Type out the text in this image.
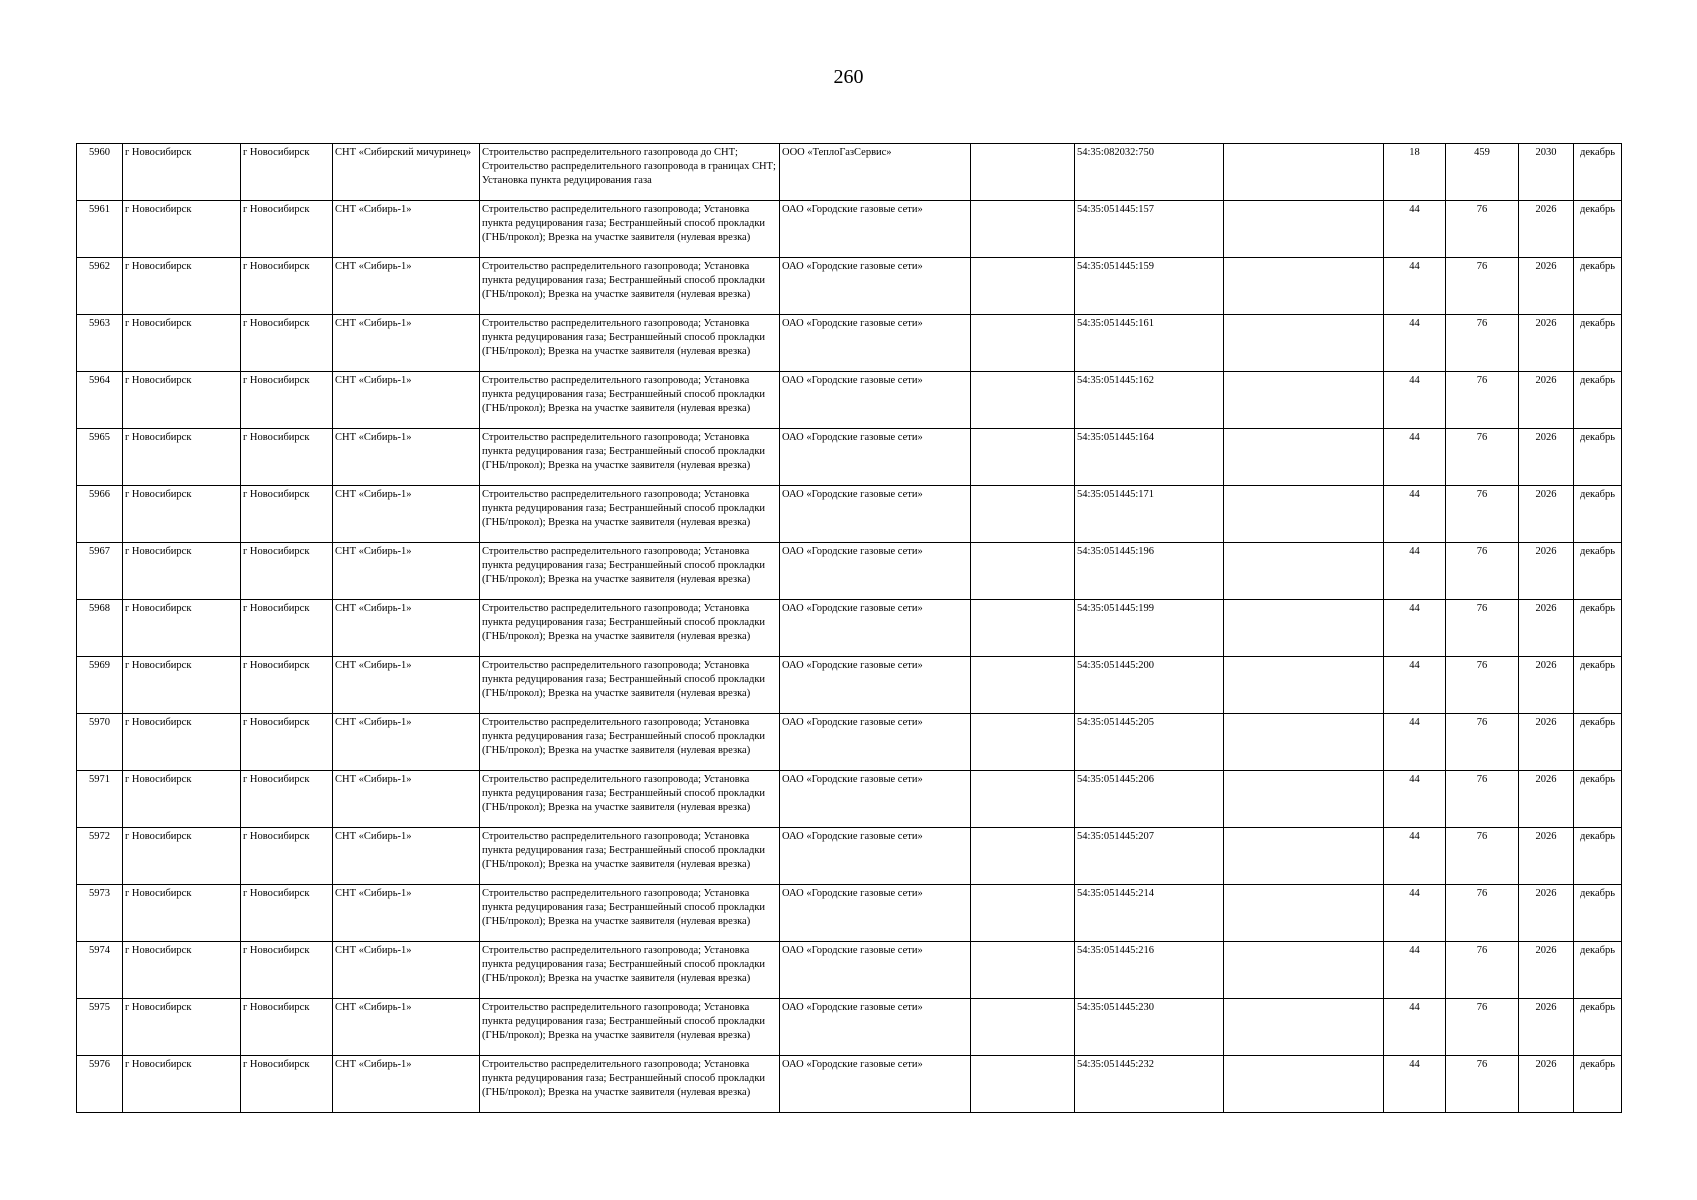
260
5960	г Новосибирск	г Новосибирск	СНТ «Сибирский мичуринец»	Строительство распределительного газопровода до СНТ; Строительство распределительного газопровода в границах СНТ; Установка пункта редуцирования газа	ООО «ТеплоГазСервис»		54:35:082032:750		18	459	2030	декабрь
5961	г Новосибирск	г Новосибирск	СНТ «Сибирь-1»	Строительство распределительного газопровода; Установка пункта редуцирования газа; Бестраншейный способ прокладки (ГНБ/прокол); Врезка на участке заявителя (нулевая врезка)	ОАО «Городские газовые сети»		54:35:051445:157		44	76	2026	декабрь
5962	г Новосибирск	г Новосибирск	СНТ «Сибирь-1»	Строительство распределительного газопровода; Установка пункта редуцирования газа; Бестраншейный способ прокладки (ГНБ/прокол); Врезка на участке заявителя (нулевая врезка)	ОАО «Городские газовые сети»		54:35:051445:159		44	76	2026	декабрь
5963	г Новосибирск	г Новосибирск	СНТ «Сибирь-1»	Строительство распределительного газопровода; Установка пункта редуцирования газа; Бестраншейный способ прокладки (ГНБ/прокол); Врезка на участке заявителя (нулевая врезка)	ОАО «Городские газовые сети»		54:35:051445:161		44	76	2026	декабрь
5964	г Новосибирск	г Новосибирск	СНТ «Сибирь-1»	Строительство распределительного газопровода; Установка пункта редуцирования газа; Бестраншейный способ прокладки (ГНБ/прокол); Врезка на участке заявителя (нулевая врезка)	ОАО «Городские газовые сети»		54:35:051445:162		44	76	2026	декабрь
5965	г Новосибирск	г Новосибирск	СНТ «Сибирь-1»	Строительство распределительного газопровода; Установка пункта редуцирования газа; Бестраншейный способ прокладки (ГНБ/прокол); Врезка на участке заявителя (нулевая врезка)	ОАО «Городские газовые сети»		54:35:051445:164		44	76	2026	декабрь
5966	г Новосибирск	г Новосибирск	СНТ «Сибирь-1»	Строительство распределительного газопровода; Установка пункта редуцирования газа; Бестраншейный способ прокладки (ГНБ/прокол); Врезка на участке заявителя (нулевая врезка)	ОАО «Городские газовые сети»		54:35:051445:171		44	76	2026	декабрь
5967	г Новосибирск	г Новосибирск	СНТ «Сибирь-1»	Строительство распределительного газопровода; Установка пункта редуцирования газа; Бестраншейный способ прокладки (ГНБ/прокол); Врезка на участке заявителя (нулевая врезка)	ОАО «Городские газовые сети»		54:35:051445:196		44	76	2026	декабрь
5968	г Новосибирск	г Новосибирск	СНТ «Сибирь-1»	Строительство распределительного газопровода; Установка пункта редуцирования газа; Бестраншейный способ прокладки (ГНБ/прокол); Врезка на участке заявителя (нулевая врезка)	ОАО «Городские газовые сети»		54:35:051445:199		44	76	2026	декабрь
5969	г Новосибирск	г Новосибирск	СНТ «Сибирь-1»	Строительство распределительного газопровода; Установка пункта редуцирования газа; Бестраншейный способ прокладки (ГНБ/прокол); Врезка на участке заявителя (нулевая врезка)	ОАО «Городские газовые сети»		54:35:051445:200		44	76	2026	декабрь
5970	г Новосибирск	г Новосибирск	СНТ «Сибирь-1»	Строительство распределительного газопровода; Установка пункта редуцирования газа; Бестраншейный способ прокладки (ГНБ/прокол); Врезка на участке заявителя (нулевая врезка)	ОАО «Городские газовые сети»		54:35:051445:205		44	76	2026	декабрь
5971	г Новосибирск	г Новосибирск	СНТ «Сибирь-1»	Строительство распределительного газопровода; Установка пункта редуцирования газа; Бестраншейный способ прокладки (ГНБ/прокол); Врезка на участке заявителя (нулевая врезка)	ОАО «Городские газовые сети»		54:35:051445:206		44	76	2026	декабрь
5972	г Новосибирск	г Новосибирск	СНТ «Сибирь-1»	Строительство распределительного газопровода; Установка пункта редуцирования газа; Бестраншейный способ прокладки (ГНБ/прокол); Врезка на участке заявителя (нулевая врезка)	ОАО «Городские газовые сети»		54:35:051445:207		44	76	2026	декабрь
5973	г Новосибирск	г Новосибирск	СНТ «Сибирь-1»	Строительство распределительного газопровода; Установка пункта редуцирования газа; Бестраншейный способ прокладки (ГНБ/прокол); Врезка на участке заявителя (нулевая врезка)	ОАО «Городские газовые сети»		54:35:051445:214		44	76	2026	декабрь
5974	г Новосибирск	г Новосибирск	СНТ «Сибирь-1»	Строительство распределительного газопровода; Установка пункта редуцирования газа; Бестраншейный способ прокладки (ГНБ/прокол); Врезка на участке заявителя (нулевая врезка)	ОАО «Городские газовые сети»		54:35:051445:216		44	76	2026	декабрь
5975	г Новосибирск	г Новосибирск	СНТ «Сибирь-1»	Строительство распределительного газопровода; Установка пункта редуцирования газа; Бестраншейный способ прокладки (ГНБ/прокол); Врезка на участке заявителя (нулевая врезка)	ОАО «Городские газовые сети»		54:35:051445:230		44	76	2026	декабрь
5976	г Новосибирск	г Новосибирск	СНТ «Сибирь-1»	Строительство распределительного газопровода; Установка пункта редуцирования газа; Бестраншейный способ прокладки (ГНБ/прокол); Врезка на участке заявителя (нулевая врезка)	ОАО «Городские газовые сети»		54:35:051445:232		44	76	2026	декабрь
